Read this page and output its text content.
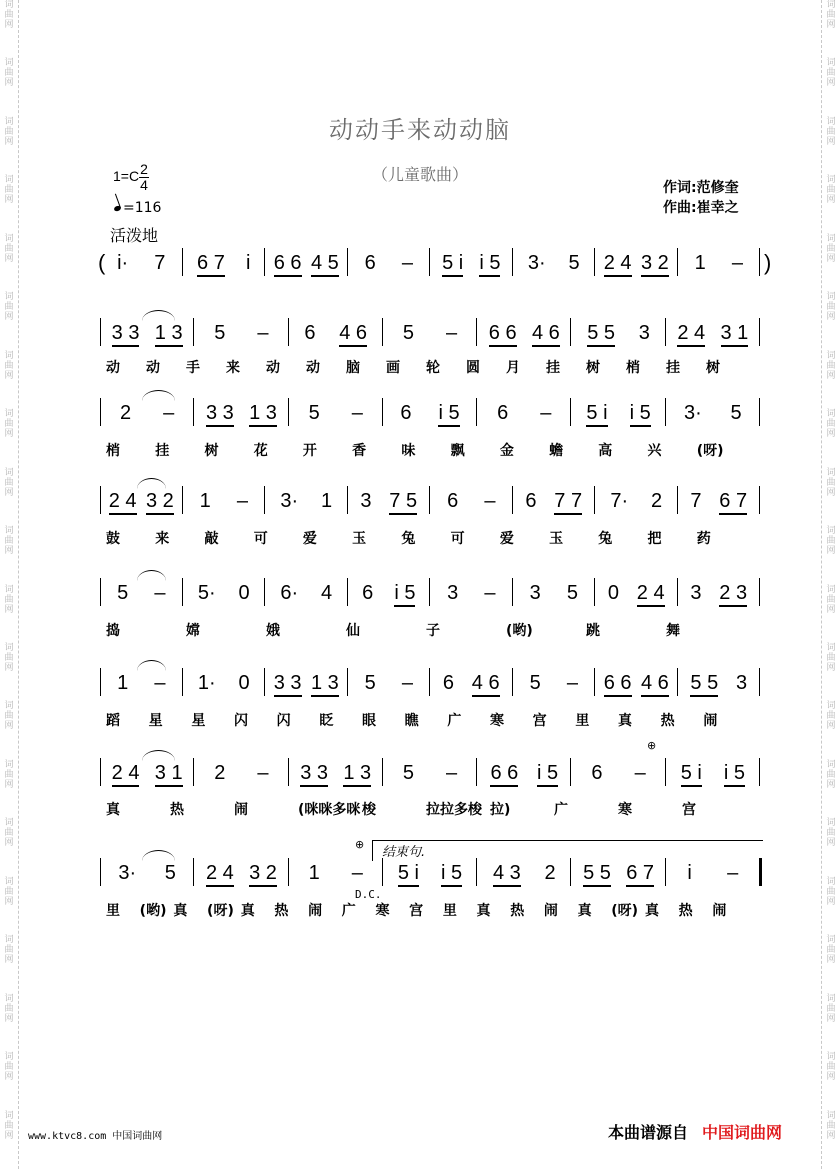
词
曲
网
词
曲
网
词
曲
网
词
曲
网
词
曲
网
词
曲
网
词
曲
网
词
曲
网
词
曲
网
词
曲
网
词
曲
网
词
曲
网
词
曲
网
词
曲
网
词
曲
网
词
曲
网
词
曲
网
词
曲
网
词
曲
网
词
曲
网
词
曲
网
词
曲
网
词
曲
网
词
曲
网
词
曲
网
词
曲
网
词
曲
网
词
曲
网
词
曲
网
词
曲
网
词
曲
网
词
曲
网
词
曲
网
词
曲
网
词
曲
网
词
曲
网
词
曲
网
词
曲
网
词
曲
网
词
曲
网
动动手来动动脑
（儿童歌曲）
$1=C \frac{2}{4}$
=116
活泼地
作词:范修奎
作曲:崔幸之
i· 7 6 7 i 6 6 4 5 6 – 5 i i 5 3· 5 2 4 3 2 1 –
(	)
3 3 1 3 5 – 6 4 6 5 – 6 6 4 6 5 5 3 2 4 3 1
动 动 手 来 动 动 脑 画 轮 圆 月 挂 树 梢 挂 树
2 – 3 3 1 3 5 – 6 i 5 6 – 5 i i 5 3· 5
梢	挂	树	花	开	香	味	飘	金	蟾	高	兴	(呀)
2 4 3 2 1 – 3· 1 3 7 5 6 – 6 7 7 7· 2 7 6 7
鼓	来	敲	可	爱	玉	兔	可	爱	玉	兔	把	药
5 – 5· 0 6· 4 6 i 5 3 – 3 5 0 2 4 3 2 3
捣	嫦	娥	仙	子	(哟)	跳	舞
1 – 1· 0 3 3 1 3 5 – 6 4 6 5 – 6 6 4 6 5 5 3
蹈 星 星 闪 闪 眨 眼 瞧 广 寒 宫 里 真 热 闹
2 4 3 1 2 – 3 3 1 3 5 – 6 6 i 5 6 – 5 i i 5
真	热	闹	(咪咪多咪 梭	拉拉多梭 拉)	广	寒	宫
3· 5 2 4 3 2 1 – 5 i i 5 4 3 2 5 5 6 7 i –
里 (哟) 真 (呀) 真 热 闹 广 寒 宫 里 真 热 闹 真 (呀) 真 热 闹
结束句.
D.C.
⊕
⊕
www.ktvc8.com 中国词曲网	本曲谱源自 中国词曲网
